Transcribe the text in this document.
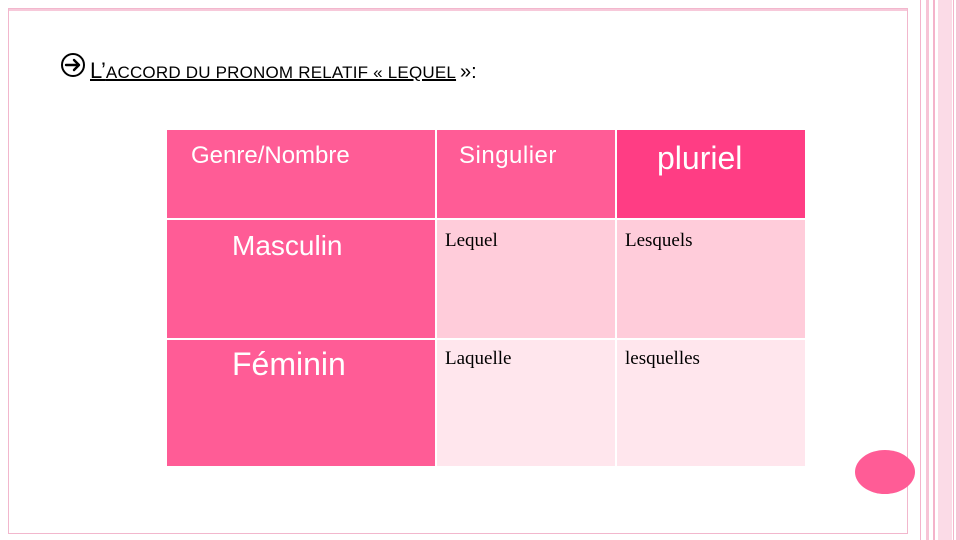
L’ACCORD DU PRONOM RELATIF « LEQUEL »:
Genre/Nombre	Singulier	pluriel

Masculin	Lequel	Lesquels

Féminin	Laquelle	lesquelles
